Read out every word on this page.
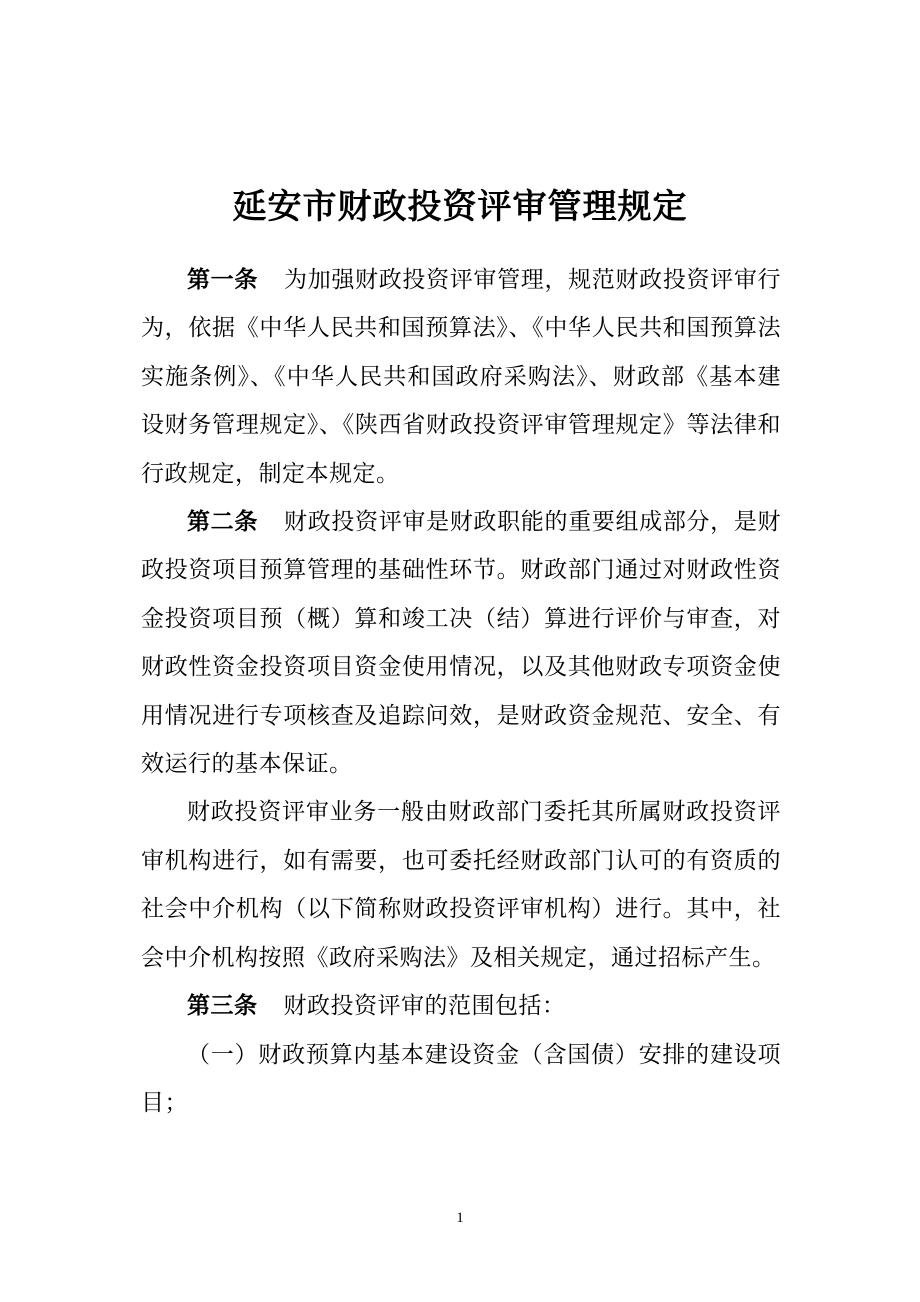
延安市财政投资评审管理规定

第一条 为加强财政投资评审管理，规范财政投资评审行为，依据《中华人民共和国预算法》、《中华人民共和国预算法实施条例》、《中华人民共和国政府采购法》、财政部《基本建设财务管理规定》、《陕西省财政投资评审管理规定》等法律和行政规定，制定本规定。

第二条 财政投资评审是财政职能的重要组成部分，是财政投资项目预算管理的基础性环节。财政部门通过对财政性资金投资项目预（概）算和竣工决（结）算进行评价与审查，对财政性资金投资项目资金使用情况，以及其他财政专项资金使用情况进行专项核查及追踪问效，是财政资金规范、安全、有效运行的基本保证。

财政投资评审业务一般由财政部门委托其所属财政投资评审机构进行，如有需要，也可委托经财政部门认可的有资质的社会中介机构（以下简称财政投资评审机构）进行。其中，社会中介机构按照《政府采购法》及相关规定，通过招标产生。

第三条 财政投资评审的范围包括：

（一）财政预算内基本建设资金（含国债）安排的建设项目；

1
